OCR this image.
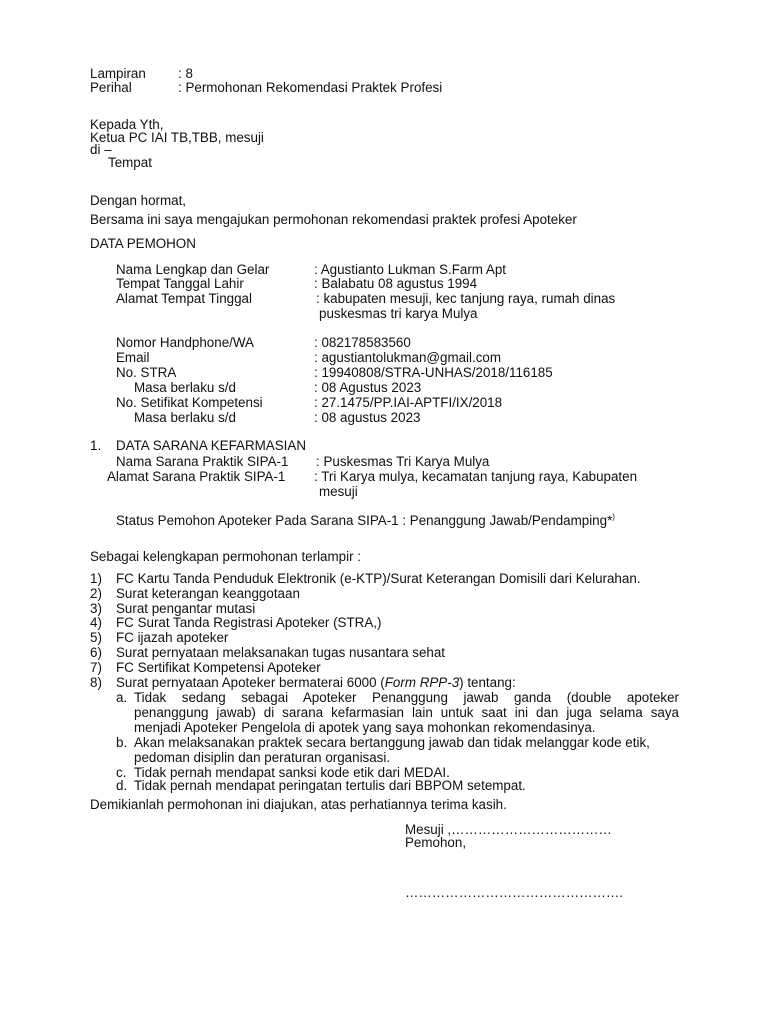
Lampiran : 8
Perihal	: Permohonan Rekomendasi Praktek Profesi
Kepada Yth,
Ketua PC IAI TB,TBB, mesuji
di –
Tempat
Dengan hormat,
Bersama ini saya mengajukan permohonan rekomendasi praktek profesi Apoteker
DATA PEMOHON
Nama Lengkap dan Gelar	: Agustianto Lukman S.Farm Apt
Tempat Tanggal Lahir	: Balabatu 08 agustus 1994
Alamat Tempat Tinggal	: kabupaten mesuji, kec tanjung raya, rumah dinas
puskesmas tri karya Mulya
Nomor Handphone/WA	: 082178583560
Email	: agustiantolukman@gmail.com
No. STRA	: 19940808/STRA-UNHAS/2018/116185
Masa berlaku s/d	: 08 Agustus 2023
No. Setifikat Kompetensi	: 27.1475/PP.IAI-APTFI/IX/2018
Masa berlaku s/d	: 08 agustus 2023
1. DATA SARANA KEFARMASIAN
Nama Sarana Praktik SIPA-1 : Puskesmas Tri Karya Mulya
Alamat Sarana Praktik SIPA-1 : Tri Karya mulya, kecamatan tanjung raya, Kabupaten
mesuji
Status Pemohon Apoteker Pada Sarana SIPA-1 : Penanggung Jawab/Pendamping*)
Sebagai kelengkapan permohonan terlampir :
1) FC Kartu Tanda Penduduk Elektronik (e-KTP)/Surat Keterangan Domisili dari Kelurahan.
2) Surat keterangan keanggotaan
3) Surat pengantar mutasi
4) FC Surat Tanda Registrasi Apoteker (STRA,)
5) FC ijazah apoteker
6) Surat pernyataan melaksanakan tugas nusantara sehat
7) FC Sertifikat Kompetensi Apoteker
8) Surat pernyataan Apoteker bermaterai 6000 (Form RPP-3) tentang:
a. Tidak sedang sebagai Apoteker Penanggung jawab ganda (double apoteker
penanggung jawab) di sarana kefarmasian lain untuk saat ini dan juga selama saya
menjadi Apoteker Pengelola di apotek yang saya mohonkan rekomendasinya.
b. Akan melaksanakan praktek secara bertanggung jawab dan tidak melanggar kode etik,
pedoman disiplin dan peraturan organisasi.
c. Tidak pernah mendapat sanksi kode etik dari MEDAI.
d. Tidak pernah mendapat peringatan tertulis dari BBPOM setempat.
Demikianlah permohonan ini diajukan, atas perhatiannya terima kasih.
Mesuji ,………………………………
Pemohon,
………………………………………….
